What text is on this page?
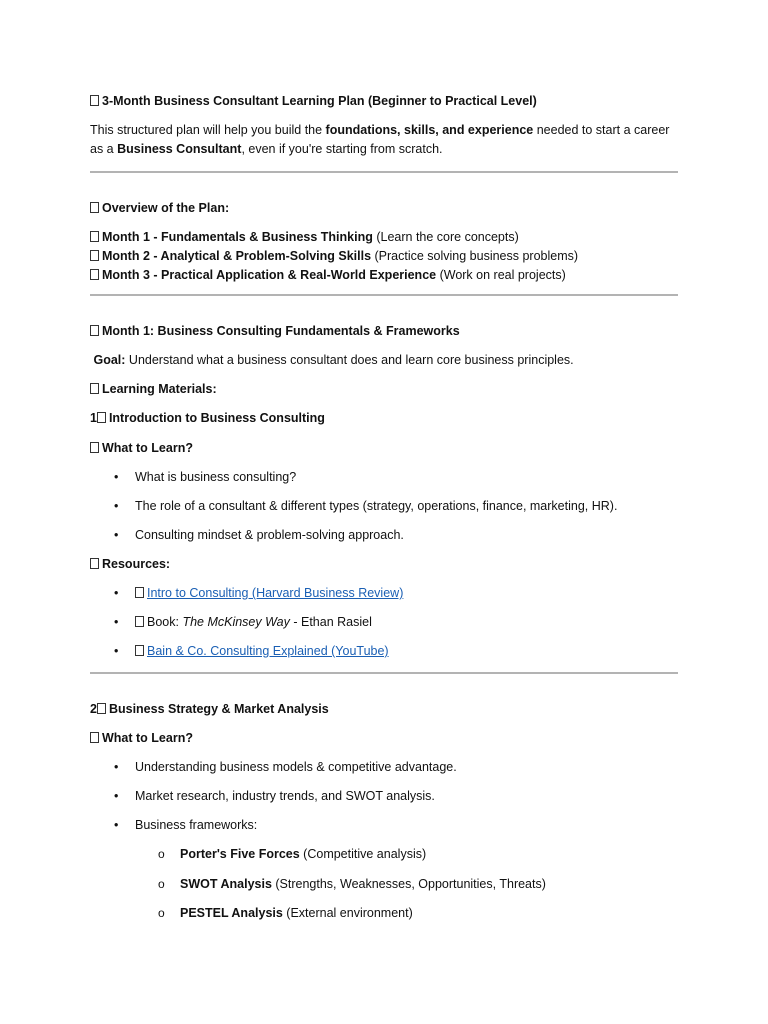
3-Month Business Consultant Learning Plan (Beginner to Practical Level)

This structured plan will help you build the foundations, skills, and experience needed to start a career as a Business Consultant, even if you're starting from scratch.

Overview of the Plan:

Month 1 - Fundamentals & Business Thinking (Learn the core concepts)

Month 2 - Analytical & Problem-Solving Skills (Practice solving business problems)

Month 3 - Practical Application & Real-World Experience (Work on real projects)

Month 1: Business Consulting Fundamentals & Frameworks

Goal: Understand what a business consultant does and learn core business principles.

Learning Materials:

1 Introduction to Business Consulting

What to Learn?

• What is business consulting?
• The role of a consultant & different types (strategy, operations, finance, marketing, HR).
• Consulting mindset & problem-solving approach.

Resources:

• Intro to Consulting (Harvard Business Review)
• Book: The McKinsey Way - Ethan Rasiel
• Bain & Co. Consulting Explained (YouTube)

2 Business Strategy & Market Analysis

What to Learn?

• Understanding business models & competitive advantage.
• Market research, industry trends, and SWOT analysis.
• Business frameworks:
o Porter's Five Forces (Competitive analysis)
o SWOT Analysis (Strengths, Weaknesses, Opportunities, Threats)
o PESTEL Analysis (External environment)
